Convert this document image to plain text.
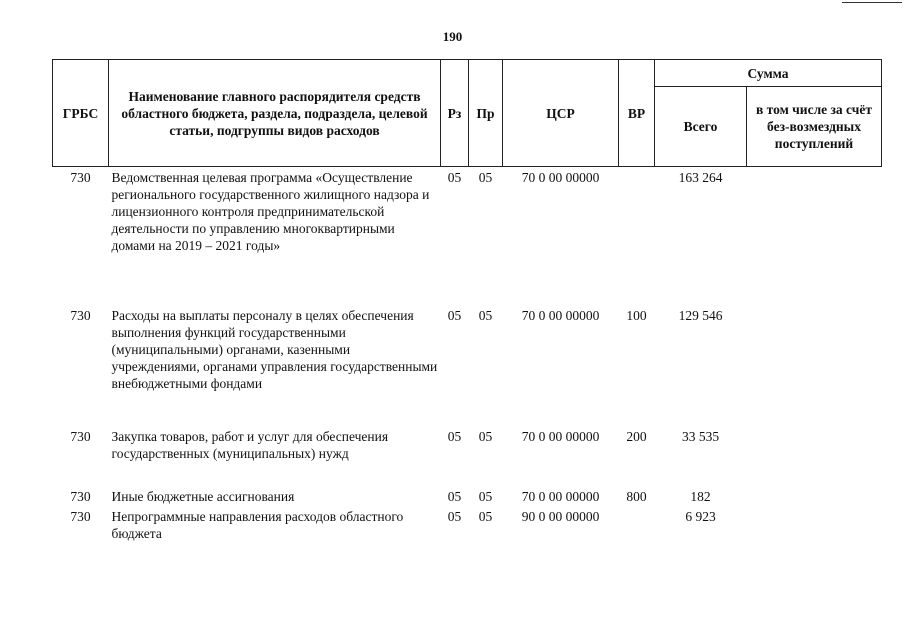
190
ГРБС	Наименование главного распорядителя средств областного бюджета, раздела, подраздела, целевой статьи, подгруппы видов расходов	Рз	Пр	ЦСР	ВР	Сумма	
						Всего	в том числе за счёт без-возмездных поступлений
730	Ведомственная целевая программа «Осуществление регионального государственного жилищного надзора и лицензионного контроля предпринимательской деятельности по управлению многоквартирными домами на 2019 – 2021 годы»	05	05	70 0 00 00000		163 264	
730	Расходы на выплаты персоналу в целях обеспечения выполнения функций государственными (муниципальными) органами, казенными учреждениями, органами управления государственными внебюджетными фондами	05	05	70 0 00 00000	100	129 546	
730	Закупка товаров, работ и услуг для обеспечения государственных (муниципальных) нужд	05	05	70 0 00 00000	200	33 535	
730	Иные бюджетные ассигнования	05	05	70 0 00 00000	800	182	
730	Непрограммные направления расходов областного бюджета	05	05	90 0 00 00000		6 923	
